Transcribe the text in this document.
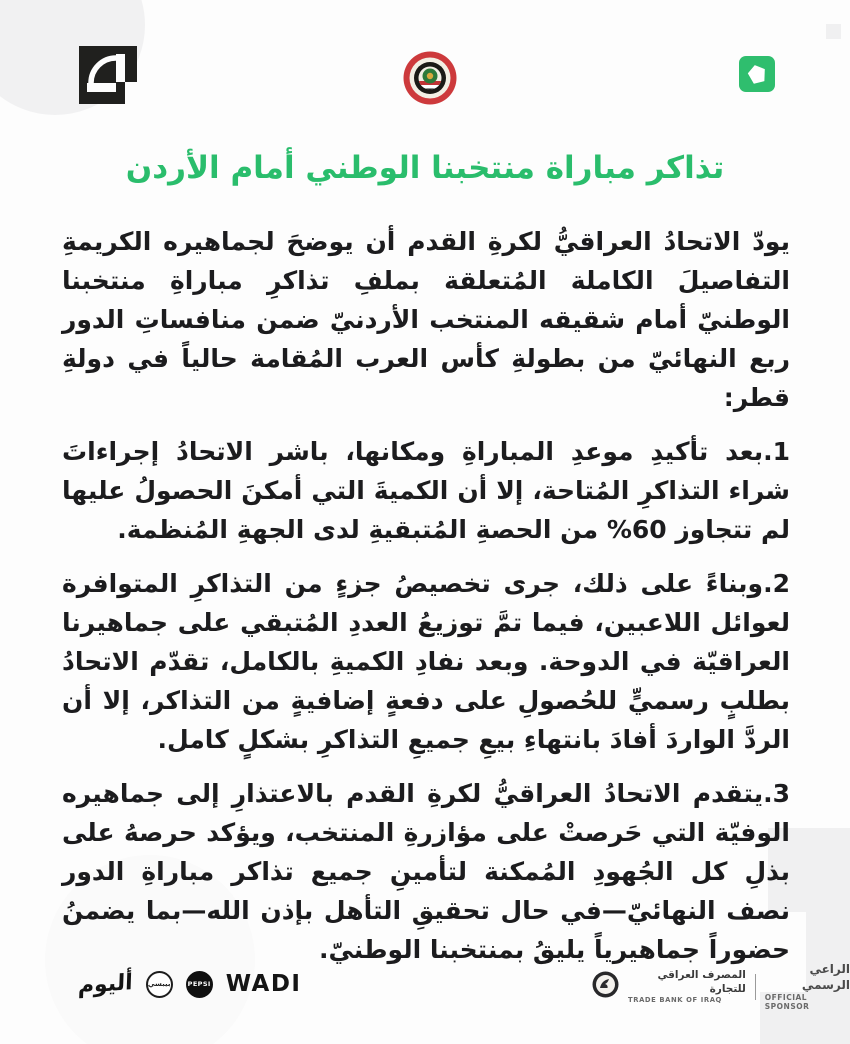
تذاكر مباراة منتخبنا الوطني أمام الأردن

يودّ الاتحادُ العراقيُّ لكرةِ القدم أن يوضحَ لجماهيره الكريمةِ التفاصيلَ الكاملة المُتعلقة بملفِ تذاكرِ مباراةِ منتخبنا الوطنيّ أمام شقيقه المنتخب الأردنيّ ضمن منافساتِ الدور ربع النهائيّ من بطولةِ كأس العرب المُقامة حالياً في دولةِ قطر:

1.بعد تأكيدِ موعدِ المباراةِ ومكانها، باشر الاتحادُ إجراءاتَ شراء التذاكرِ المُتاحة، إلا أن الكميةَ التي أمكنَ الحصولُ عليها لم تتجاوز 60% من الحصةِ المُتبقيةِ لدى الجهةِ المُنظمة.

2.وبناءً على ذلك، جرى تخصيصُ جزءٍ من التذاكرِ المتوافرة لعوائل اللاعبين، فيما تمَّ توزيعُ العددِ المُتبقي على جماهيرنا العراقيّة في الدوحة. وبعد نفادِ الكميةِ بالكامل، تقدّم الاتحادُ بطلبٍ رسميٍّ للحُصولِ على دفعةٍ إضافيةٍ من التذاكر، إلا أن الردَّ الواردَ أفادَ بانتهاءِ بيعِ جميعِ التذاكرِ بشكلٍ كامل.

3.يتقدم الاتحادُ العراقيُّ لكرةِ القدم بالاعتذارِ إلى جماهيره الوفيّة التي حَرصتْ على مؤازرةِ المنتخب، ويؤكد حرصهُ على بذلِ كل الجُهودِ المُمكنة لتأمينِ جميع تذاكر مباراةِ الدور نصف النهائيّ—في حال تحقيقِ التأهل بإذن الله—بما يضمنُ حضوراً جماهيرياً يليقُ بمنتخبنا الوطنيّ.

أليوم بيبسي	PEPSI WADI	المصرف العراقي للتجارة
TRADE BANK OF IRAQ
الراعي الرسمي
OFFICIAL SPONSOR
